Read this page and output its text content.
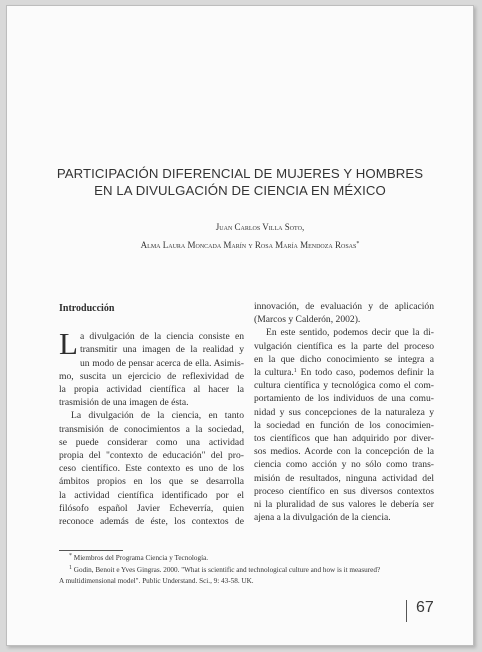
PARTICIPACIÓN DIFERENCIAL DE MUJERES Y HOMBRES
EN LA DIVULGACIÓN DE CIENCIA EN MÉXICO
Juan Carlos Villa Soto,
Alma Laura Moncada Marín y Rosa María Mendoza Rosas*
Introducción
L a divulgación de la ciencia consiste en
transmitir una imagen de la realidad y
un modo de pensar acerca de ella. Asimis-
mo, suscita un ejercicio de reflexividad de
la propia actividad científica al hacer la
trasmisión de una imagen de ésta.
La divulgación de la ciencia, en tanto
transmisión de conocimientos a la sociedad,
se puede considerar como una actividad
propia del "contexto de educación" del pro-
ceso científico. Este contexto es uno de los
ámbitos propios en los que se desarrolla
la actividad científica identificado por el
filósofo español Javier Echeverría, quien
reconoce además de éste, los contextos de
innovación, de evaluación y de aplicación
(Marcos y Calderón, 2002).
En este sentido, podemos decir que la di-
vulgación científica es la parte del proceso
en la que dicho conocimiento se integra a
la cultura.$^1$ En todo caso, podemos definir la
cultura científica y tecnológica como el com-
portamiento de los individuos de una comu-
nidad y sus concepciones de la naturaleza y
la sociedad en función de los conocimien-
tos científicos que han adquirido por diver-
sos medios. Acorde con la concepción de la
ciencia como acción y no sólo como trans-
misión de resultados, ninguna actividad del
proceso científico en sus diversos contextos
ni la pluralidad de sus valores le debería ser
ajena a la divulgación de la ciencia.
* Miembros del Programa Ciencia y Tecnología.
$^1$ Godin, Benoit e Yves Gingras. 2000. "What is scientific and technological culture and how is it measured?
A multidimensional model". Public Understand. Sci., 9: 43-58. UK.
67
